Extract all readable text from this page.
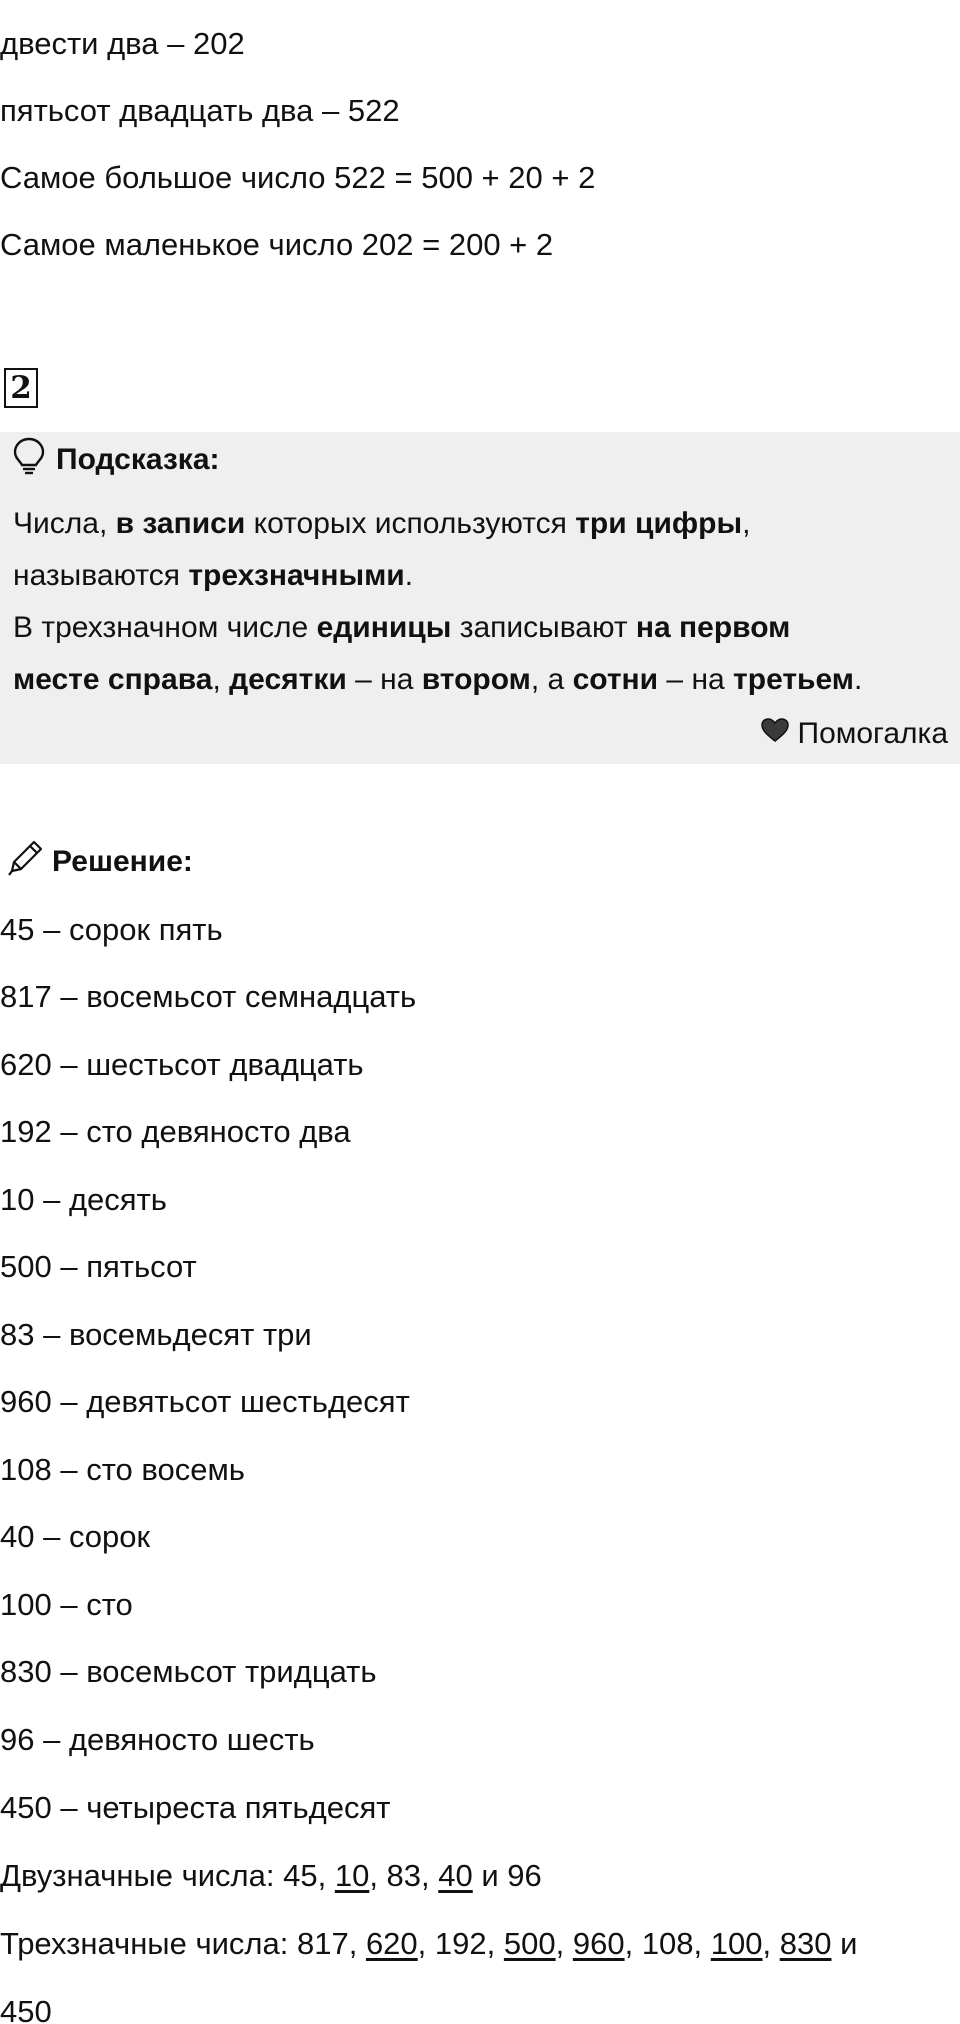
двести два – 202
пятьсот двадцать два – 522
Самое большое число 522 = 500 + 20 + 2
Самое маленькое число 202 = 200 + 2
2
Подсказка:
Числа, в записи которых используются три цифры,
называются трехзначными.
В трехзначном числе единицы записывают на первом
месте справа, десятки – на втором, а сотни – на третьем.
Помогалка
Решение:
45 – сорок пять
817 – восемьсот семнадцать
620 – шестьсот двадцать
192 – сто девяносто два
10 – десять
500 – пятьсот
83 – восемьдесят три
960 – девятьсот шестьдесят
108 – сто восемь
40 – сорок
100 – сто
830 – восемьсот тридцать
96 – девяносто шесть
450 – четыреста пятьдесят
Двузначные числа: 45, 10, 83, 40 и 96
Трехзначные числа: 817, 620, 192, 500, 960, 108, 100, 830 и
450
